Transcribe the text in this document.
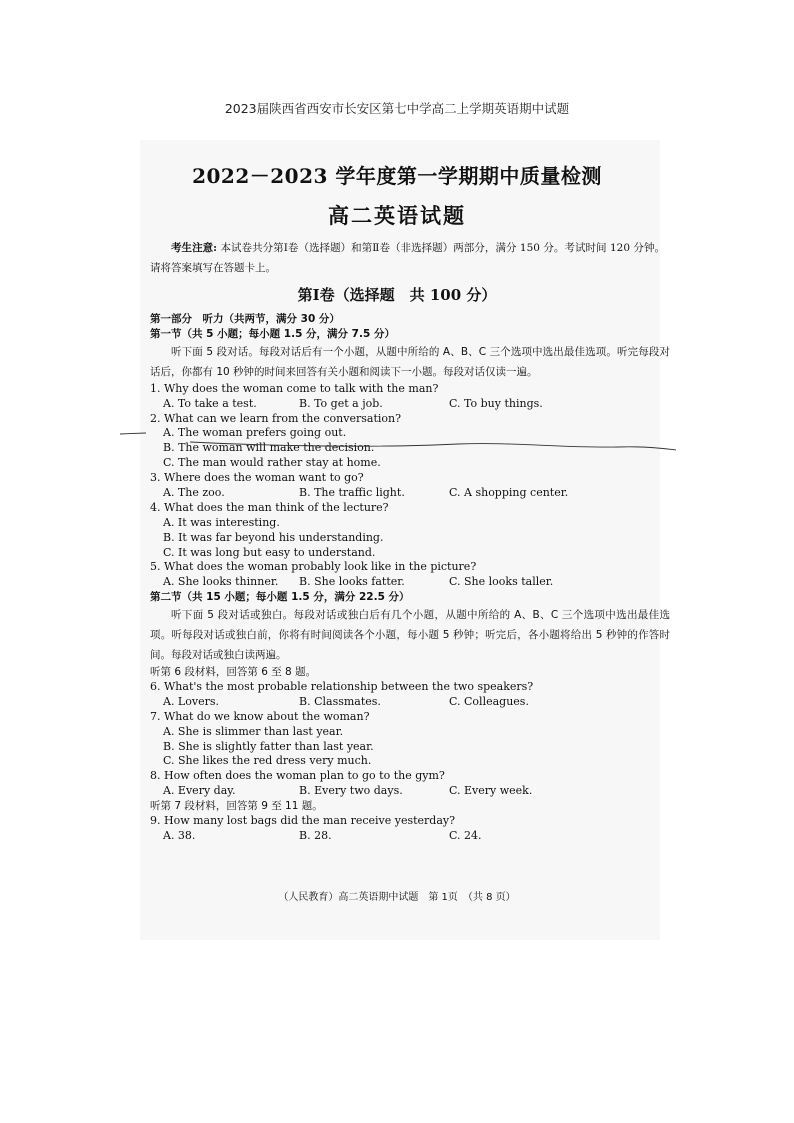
2023届陕西省西安市长安区第七中学高二上学期英语期中试题
2022－2023 学年度第一学期期中质量检测
高二英语试题
考生注意: 本试卷共分第Ⅰ卷（选择题）和第Ⅱ卷（非选择题）两部分，满分 150 分。考试时间 120 分钟。请将答案填写在答题卡上。
第Ⅰ卷（选择题　共 100 分）
第一部分　听力（共两节，满分 30 分）
第一节（共 5 小题；每小题 1.5 分，满分 7.5 分）
听下面 5 段对话。每段对话后有一个小题，从题中所给的 A、B、C 三个选项中选出最佳选项。听完每段对话后，你都有 10 秒钟的时间来回答有关小题和阅读下一小题。每段对话仅读一遍。
1. Why does the woman come to talk with the man?
A. To take a test.	B. To get a job.	C. To buy things.
2. What can we learn from the conversation?
A. The woman prefers going out.
B. The woman will make the decision.
C. The man would rather stay at home.
3. Where does the woman want to go?
A. The zoo.	B. The traffic light.	C. A shopping center.
4. What does the man think of the lecture?
A. It was interesting.
B. It was far beyond his understanding.
C. It was long but easy to understand.
5. What does the woman probably look like in the picture?
A. She looks thinner.	B. She looks fatter.	C. She looks taller.
第二节（共 15 小题；每小题 1.5 分，满分 22.5 分）
听下面 5 段对话或独白。每段对话或独白后有几个小题，从题中所给的 A、B、C 三个选项中选出最佳选项。听每段对话或独白前，你将有时间阅读各个小题，每小题 5 秒钟；听完后，各小题将给出 5 秒钟的作答时间。每段对话或独白读两遍。
听第 6 段材料，回答第 6 至 8 题。
6. What's the most probable relationship between the two speakers?
A. Lovers.	B. Classmates.	C. Colleagues.
7. What do we know about the woman?
A. She is slimmer than last year.
B. She is slightly fatter than last year.
C. She likes the red dress very much.
8. How often does the woman plan to go to the gym?
A. Every day.	B. Every two days.	C. Every week.
听第 7 段材料，回答第 9 至 11 题。
9. How many lost bags did the man receive yesterday?
A. 38.	B. 28.	C. 24.
（人民教育）高二英语期中试题　第 1页　（共 8 页）
